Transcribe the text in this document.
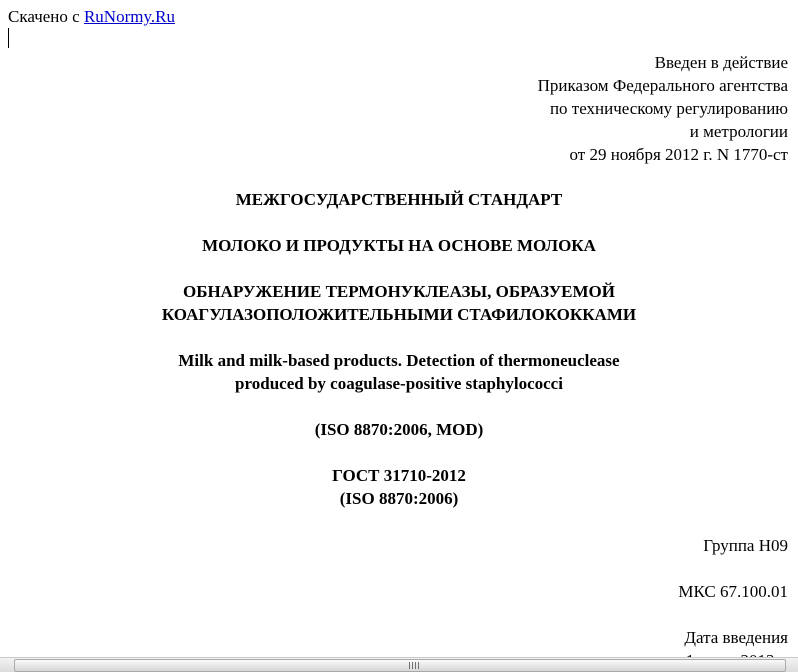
Скачено с RuNormy.Ru
Введен в действие
Приказом Федерального агентства
по техническому регулированию
и метрологии
от 29 ноября 2012 г. N 1770-ст
МЕЖГОСУДАРСТВЕННЫЙ СТАНДАРТ
МОЛОКО И ПРОДУКТЫ НА ОСНОВЕ МОЛОКА
ОБНАРУЖЕНИЕ ТЕРМОНУКЛЕАЗЫ, ОБРАЗУЕМОЙ
КОАГУЛАЗОПОЛОЖИТЕЛЬНЫМИ СТАФИЛОКОККАМИ
Milk and milk-based products. Detection of thermoneuclease
produced by coagulase-positive staphylococci
(ISO 8870:2006, MOD)
ГОСТ 31710-2012
(ISO 8870:2006)
Группа Н09
МКС 67.100.01
Дата введения
